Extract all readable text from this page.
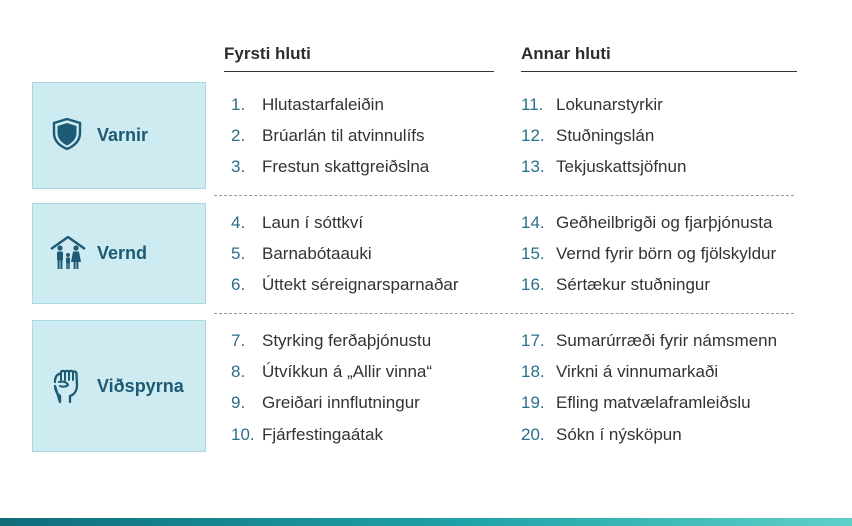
Fyrsti hluti	Annar hluti
Varnir
Vernd
Viðspyrna
1. Hlutastarfaleiðin
2. Brúarlán til atvinnulífs
3. Frestun skattgreiðslna
4. Laun í sóttkví
5. Barnabótaauki
6. Úttekt séreignarsparnaðar
7. Styrking ferðaþjónustu
8. Útvíkkun á „Allir vinna“
9. Greiðari innflutningur
10. Fjárfestingaátak
11. Lokunarstyrkir
12. Stuðningslán
13. Tekjuskattsjöfnun
14. Geðheilbrigði og fjarþjónusta
15. Vernd fyrir börn og fjölskyldur
16. Sértækur stuðningur
17. Sumarúrræði fyrir námsmenn
18. Virkni á vinnumarkaði
19. Efling matvælaframleiðslu
20. Sókn í nýsköpun
